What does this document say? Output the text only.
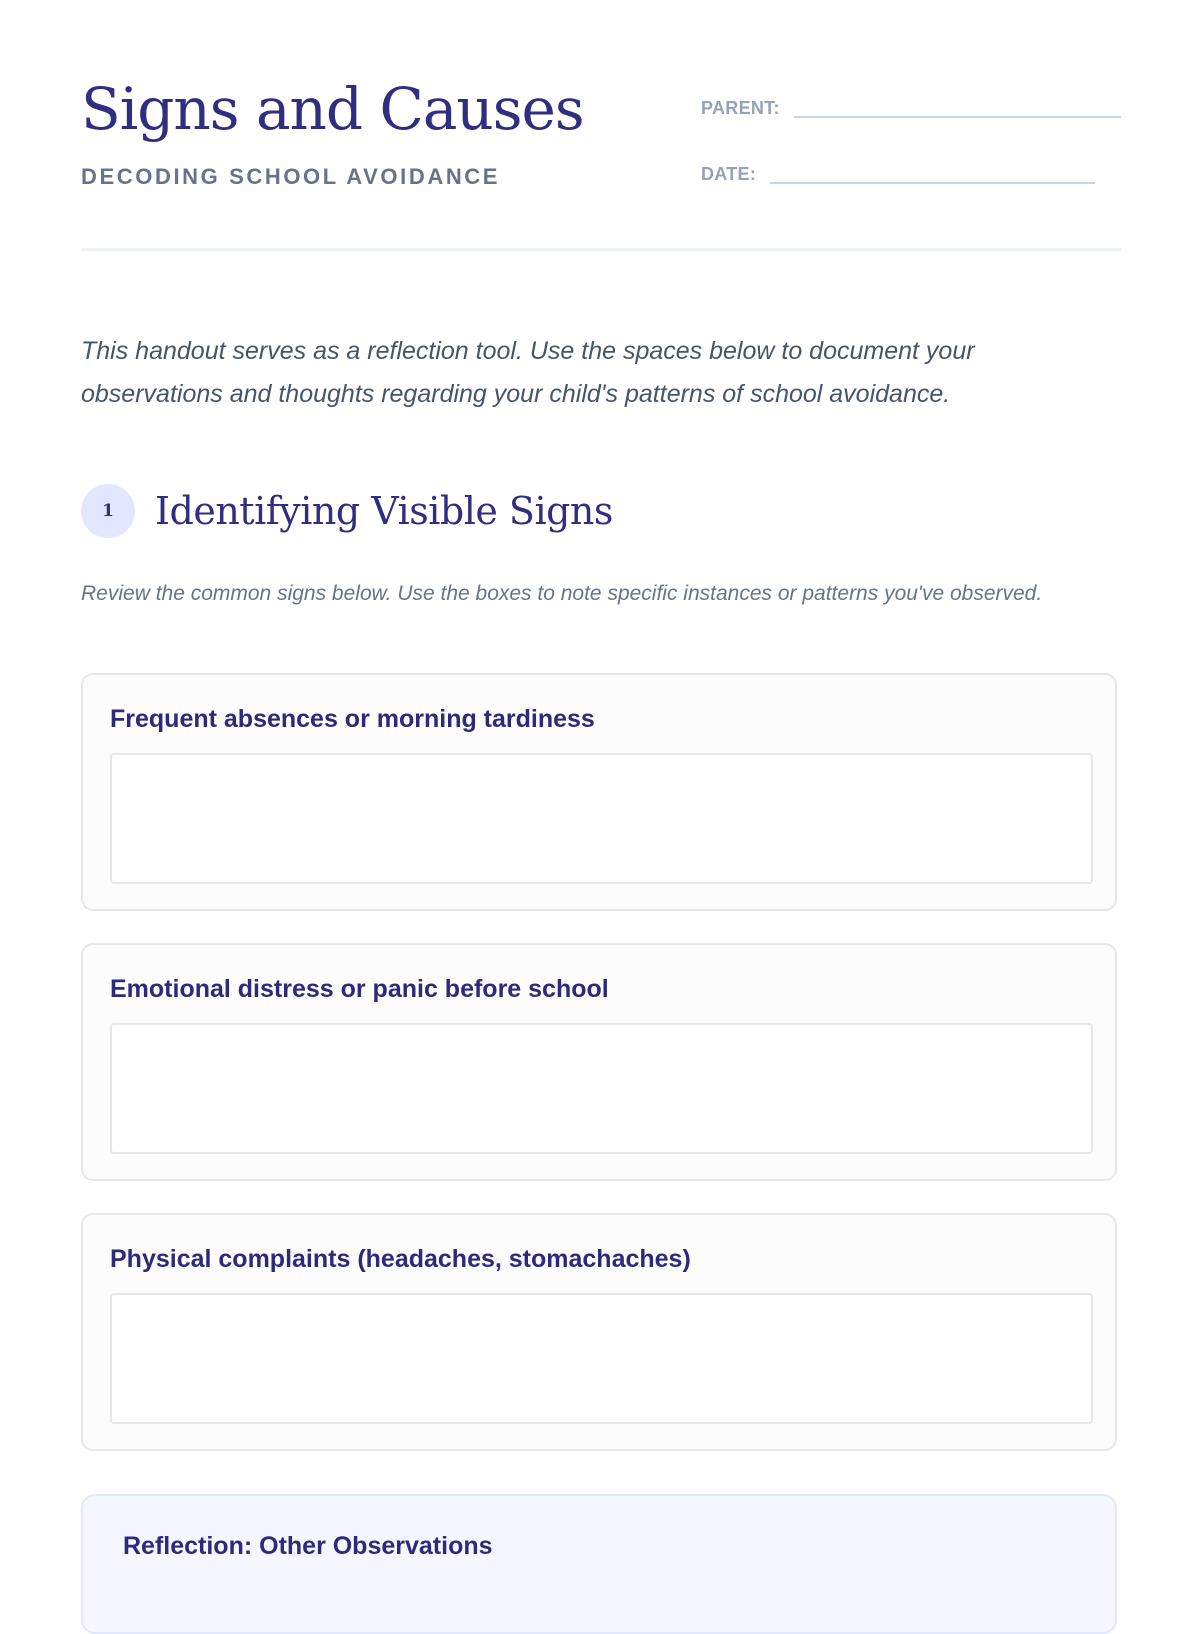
Signs and Causes
DECODING SCHOOL AVOIDANCE
PARENT:
DATE:

This handout serves as a reflection tool. Use the spaces below to document your observations and thoughts regarding your child's patterns of school avoidance.

1	Identifying Visible Signs

Review the common signs below. Use the boxes to note specific instances or patterns you've observed.

Frequent absences or morning tardiness
Emotional distress or panic before school
Physical complaints (headaches, stomachaches)
Reflection: Other Observations
